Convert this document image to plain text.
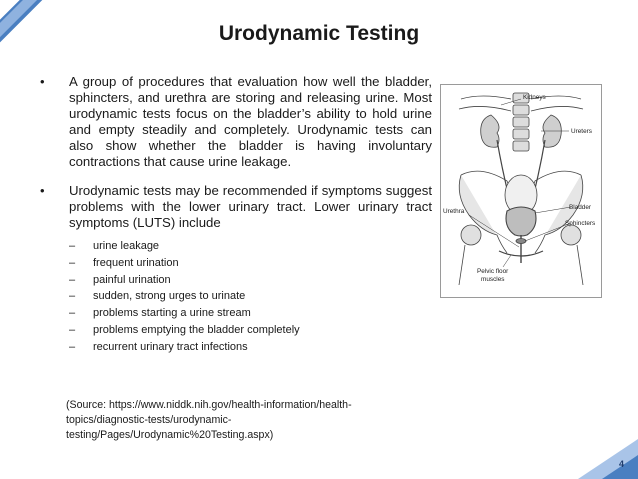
Urodynamic Testing
•	A group of procedures that evaluation how well the bladder, sphincters, and urethra are storing and releasing urine. Most urodynamic tests focus on the bladder’s ability to hold urine and empty steadily and completely. Urodynamic tests can also show whether the bladder is having involuntary contractions that cause urine leakage.
•	Urodynamic tests may be recommended if symptoms suggest problems with the lower urinary tract. Lower urinary tract symptoms (LUTS) include
–	urine leakage
–	frequent urination
–	painful urination
–	sudden, strong urges to urinate
–	problems starting a urine stream
–	problems emptying the bladder completely
–	recurrent urinary tract infections
(Source: https://www.niddk.nih.gov/health-information/health-topics/diagnostic-tests/urodynamic-testing/Pages/Urodynamic%20Testing.aspx)
Kidneys
Ureters
Bladder
Urethra
Sphincters
Pelvic floor
muscles
4
